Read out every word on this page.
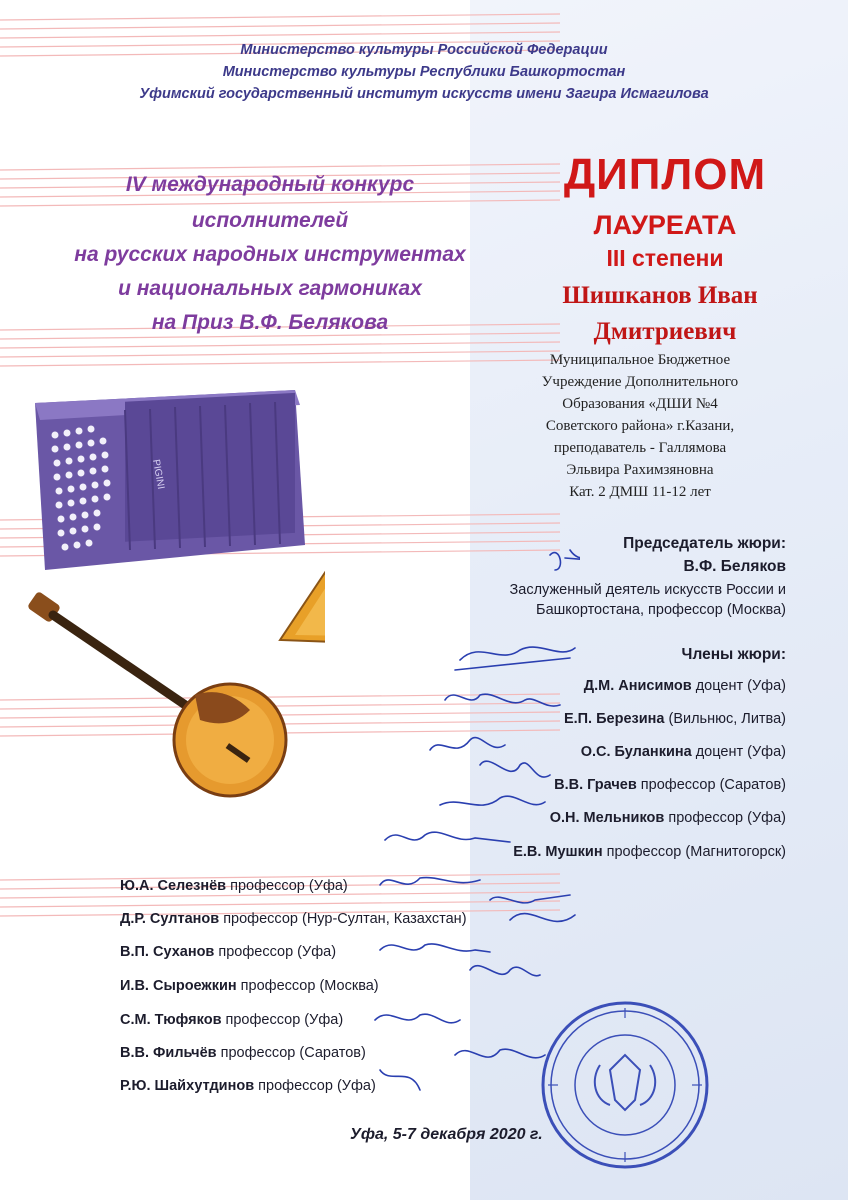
Министерство культуры Российской Федерации
Министерство культуры Республики Башкортостан
Уфимский государственный институт искусств имени Загира Исмагилова
IV международный конкурс
исполнителей
на русских народных инструментах
и национальных гармониках
на Приз В.Ф. Белякова
ДИПЛОМ
ЛАУРЕАТА
III степени
Шишканов Иван
Дмитриевич
Муниципальное Бюджетное
Учреждение Дополнительного
Образования «ДШИ №4
Советского района» г.Казани,
преподаватель - Галлямова
Эльвира Рахимзяновна
Кат. 2 ДМШ 11-12 лет
Председатель жюри:
В.Ф. Беляков
Заслуженный деятель искусств России и
Башкортостана, профессор (Москва)
Члены жюри:
Д.М. Анисимов доцент (Уфа)
Е.П. Березина (Вильнюс, Литва)
О.С. Буланкина доцент (Уфа)
В.В. Грачев профессор (Саратов)
О.Н. Мельников профессор (Уфа)
Е.В. Мушкин профессор (Магнитогорск)
Ю.А. Селезнёв профессор (Уфа)
Д.Р. Султанов профессор (Нур-Султан, Казахстан)
В.П. Суханов профессор (Уфа)
И.В. Сыроежкин профессор (Москва)
С.М. Тюфяков профессор (Уфа)
В.В. Фильчёв профессор (Саратов)
Р.Ю. Шайхутдинов профессор (Уфа)
Уфа, 5-7 декабря 2020 г.
PIGINI
